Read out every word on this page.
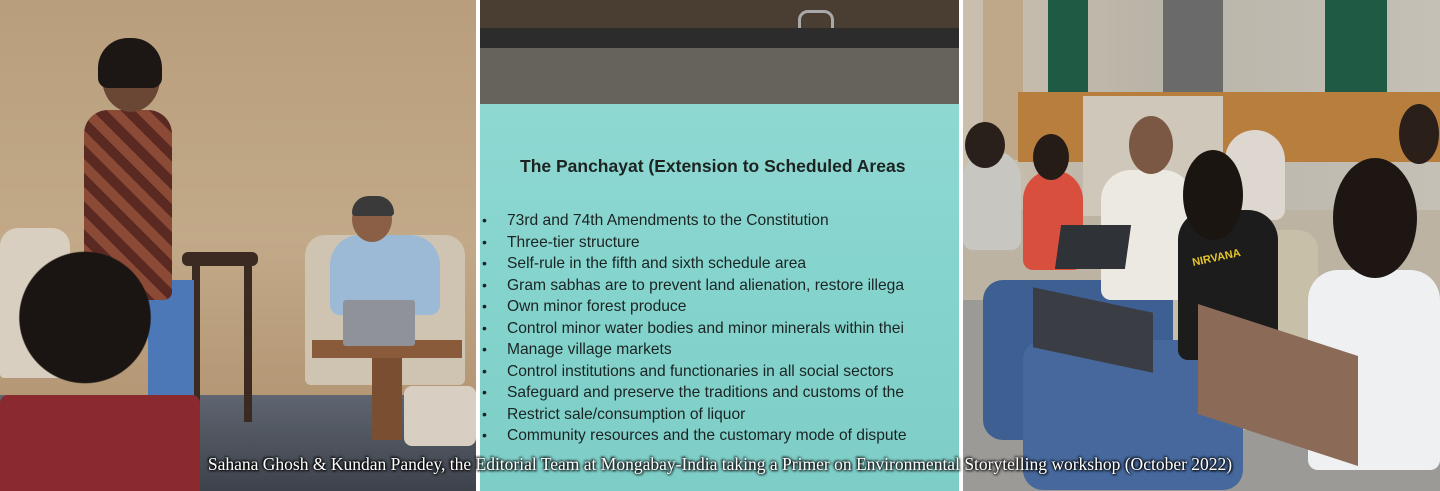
The Panchayat (Extension to Scheduled Areas
• 73rd and 74th Amendments to the Constitution
• Three-tier structure
• Self-rule in the fifth and sixth schedule area
• Gram sabhas are to prevent land alienation, restore illega
• Own minor forest produce
• Control minor water bodies and minor minerals within thei
• Manage village markets
• Control institutions and functionaries in all social sectors
• Safeguard and preserve the traditions and customs of the
• Restrict sale/consumption of liquor
• Community resources and the customary mode of dispute
NIRVANA
Sahana Ghosh & Kundan Pandey, the Editorial Team at Mongabay-India taking a Primer on Environmental Storytelling workshop (October 2022)
